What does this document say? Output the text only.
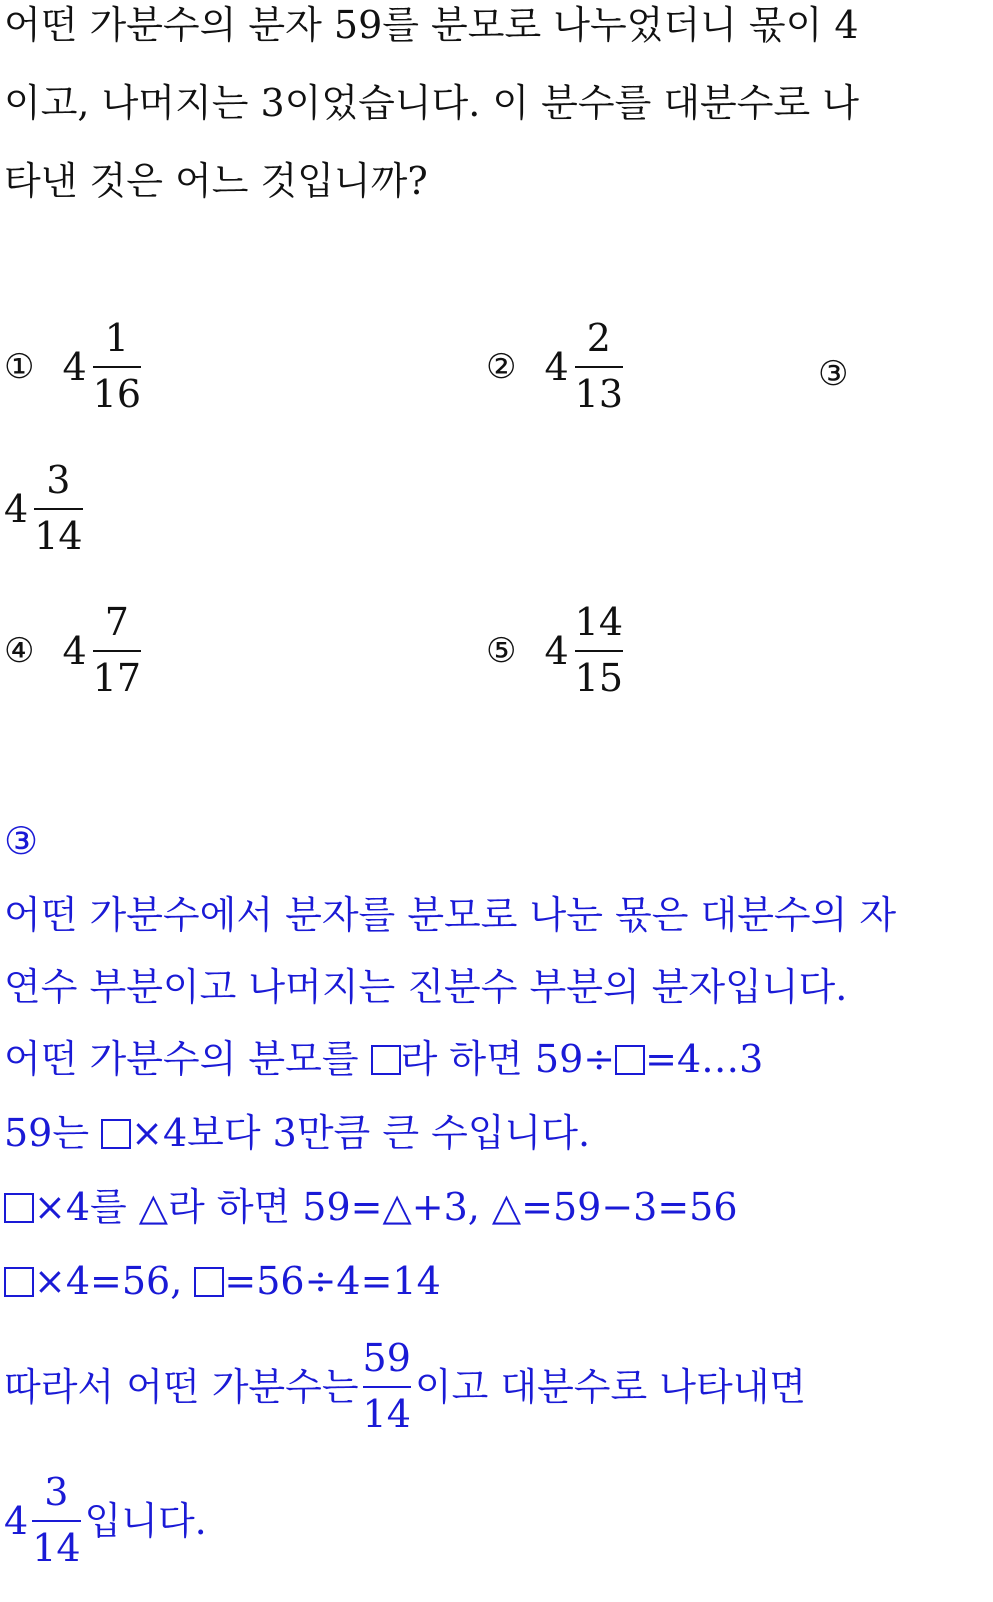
어떤 가분수의 분자 59를 분모로 나누었더니 몫이 4
이고, 나머지는 3이었습니다. 이 분수를 대분수로 나
타낸 것은 어느 것입니까?
① $4 \frac{1}{16}$	② $4 \frac{2}{13}$	③
$4 \frac{3}{14}$
④ $4 \frac{7}{17}$	⑤ $4 \frac{14}{15}$
③
어떤 가분수에서 분자를 분모로 나눈 몫은 대분수의 자
연수 부분이고 나머지는 진분수 부분의 분자입니다.
어떤 가분수의 분모를 라 하면 59÷ =4…3
59는 ×4보다 3만큼 큰 수입니다.
×4를 △라 하면 59=△+3, △=59−3=56
×4=56, =56÷4=14
따라서 어떤 가분수는 $\frac{59}{14}$ 이고 대분수로 나타내면
$4 \frac{3}{14}$ 입니다.
